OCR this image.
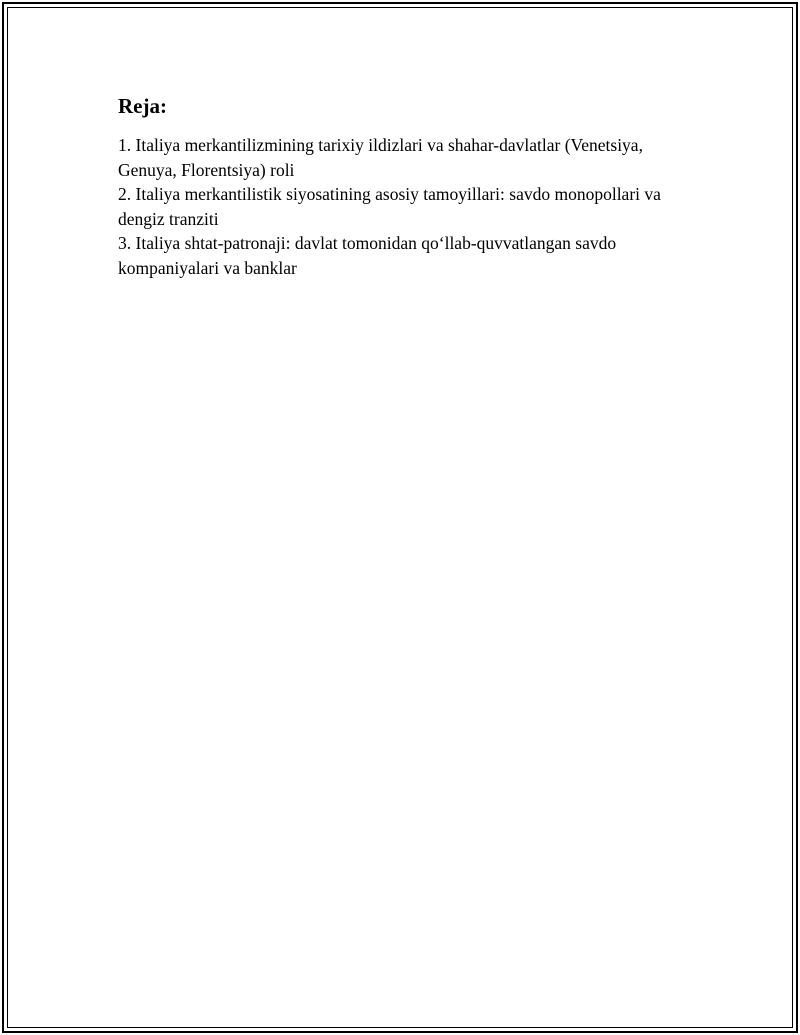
Reja:

1. Italiya merkantilizmining tarixiy ildizlari va shahar-davlatlar (Venetsiya, Genuya, Florentsiya) roli

2. Italiya merkantilistik siyosatining asosiy tamoyillari: savdo monopollari va dengiz tranziti

3. Italiya shtat-patronaji: davlat tomonidan qo‘llab-quvvatlangan savdo kompaniyalari va banklar
